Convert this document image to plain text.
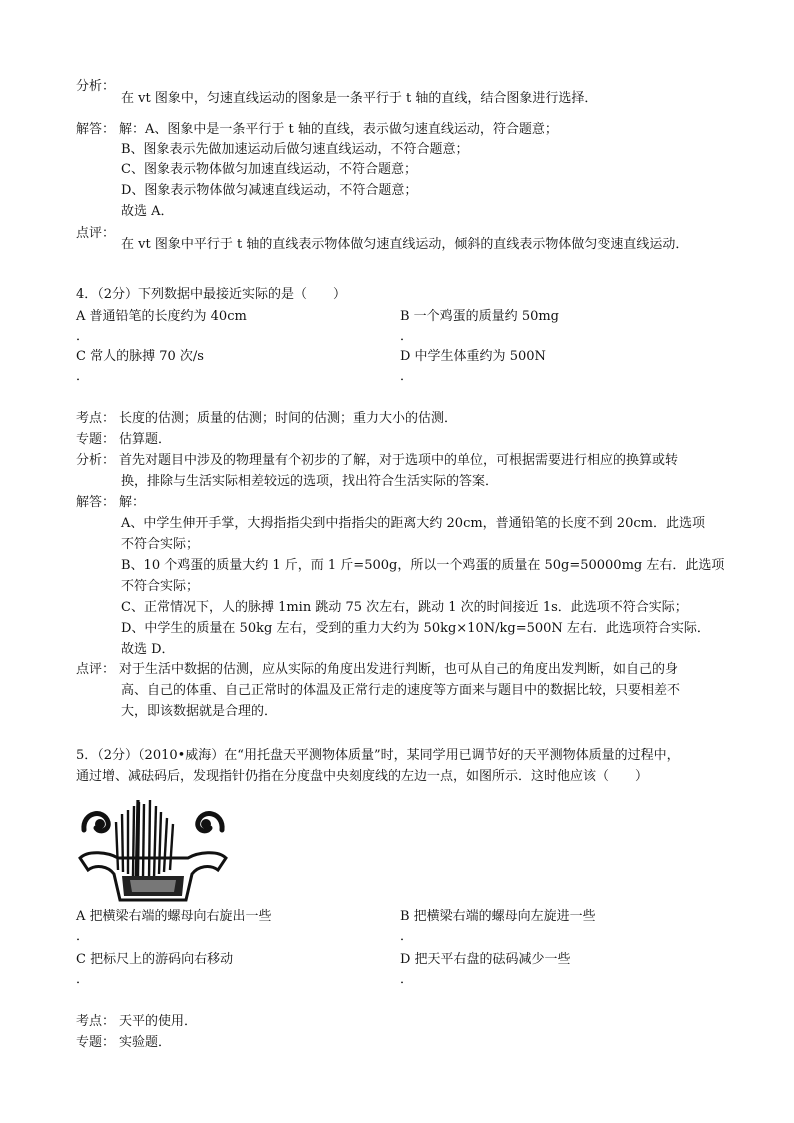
分析：
在 vt 图象中，匀速直线运动的图象是一条平行于 t 轴的直线，结合图象进行选择．
解答： 解：A、图象中是一条平行于 t 轴的直线，表示做匀速直线运动，符合题意；
B、图象表示先做加速运动后做匀速直线运动，不符合题意；
C、图象表示物体做匀加速直线运动，不符合题意；
D、图象表示物体做匀减速直线运动，不符合题意；
故选 A．
点评：
在 vt 图象中平行于 t 轴的直线表示物体做匀速直线运动，倾斜的直线表示物体做匀变速直线运动．
4．（2分）下列数据中最接近实际的是（　　）
A 普通铅笔的长度约为 40cm
．
B 一个鸡蛋的质量约 50mg
．
C 常人的脉搏 70 次/s
．
D 中学生体重约为 500N
．
考点： 长度的估测；质量的估测；时间的估测；重力大小的估测．
专题： 估算题．
分析： 首先对题目中涉及的物理量有个初步的了解，对于选项中的单位，可根据需要进行相应的换算或转
换，排除与生活实际相差较远的选项，找出符合生活实际的答案．
解答： 解：
A、中学生伸开手掌，大拇指指尖到中指指尖的距离大约 20cm，普通铅笔的长度不到 20cm．此选项
不符合实际；
B、10 个鸡蛋的质量大约 1 斤，而 1 斤=500g，所以一个鸡蛋的质量在 50g=50000mg 左右．此选项
不符合实际；
C、正常情况下，人的脉搏 1min 跳动 75 次左右，跳动 1 次的时间接近 1s．此选项不符合实际；
D、中学生的质量在 50kg 左右，受到的重力大约为 50kg×10N/kg=500N 左右．此选项符合实际．
故选 D．
点评： 对于生活中数据的估测，应从实际的角度出发进行判断，也可从自己的角度出发判断，如自己的身
高、自己的体重、自己正常时的体温及正常行走的速度等方面来与题目中的数据比较，只要相差不
大，即该数据就是合理的．
5．（2分）（2010•威海）在“用托盘天平测物体质量”时，某同学用已调节好的天平测物体质量的过程中，
通过增、减砝码后，发现指针仍指在分度盘中央刻度线的左边一点，如图所示．这时他应该（　　）
A 把横梁右端的螺母向右旋出一些
．
B 把横梁右端的螺母向左旋进一些
．
C 把标尺上的游码向右移动
．
D 把天平右盘的砝码减少一些
．
考点： 天平的使用．
专题： 实验题．
